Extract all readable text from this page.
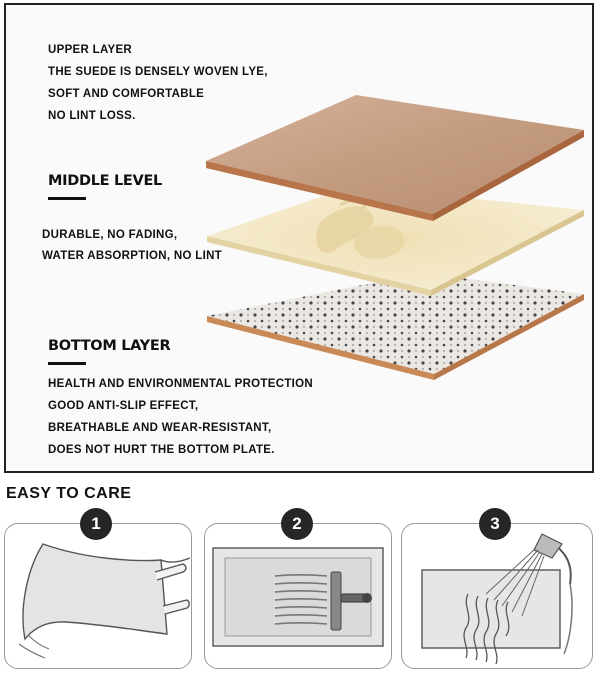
UPPER LAYER
THE SUEDE IS DENSELY WOVEN LYE,
SOFT AND COMFORTABLE
NO LINT LOSS.
MIDDLE LEVEL
DURABLE, NO FADING,
WATER ABSORPTION, NO LINT
BOTTOM LAYER
HEALTH AND ENVIRONMENTAL PROTECTION
GOOD ANTI-SLIP EFFECT,
BREATHABLE AND WEAR-RESISTANT,
DOES NOT HURT THE BOTTOM PLATE.
EASY TO CARE
1	2	3
